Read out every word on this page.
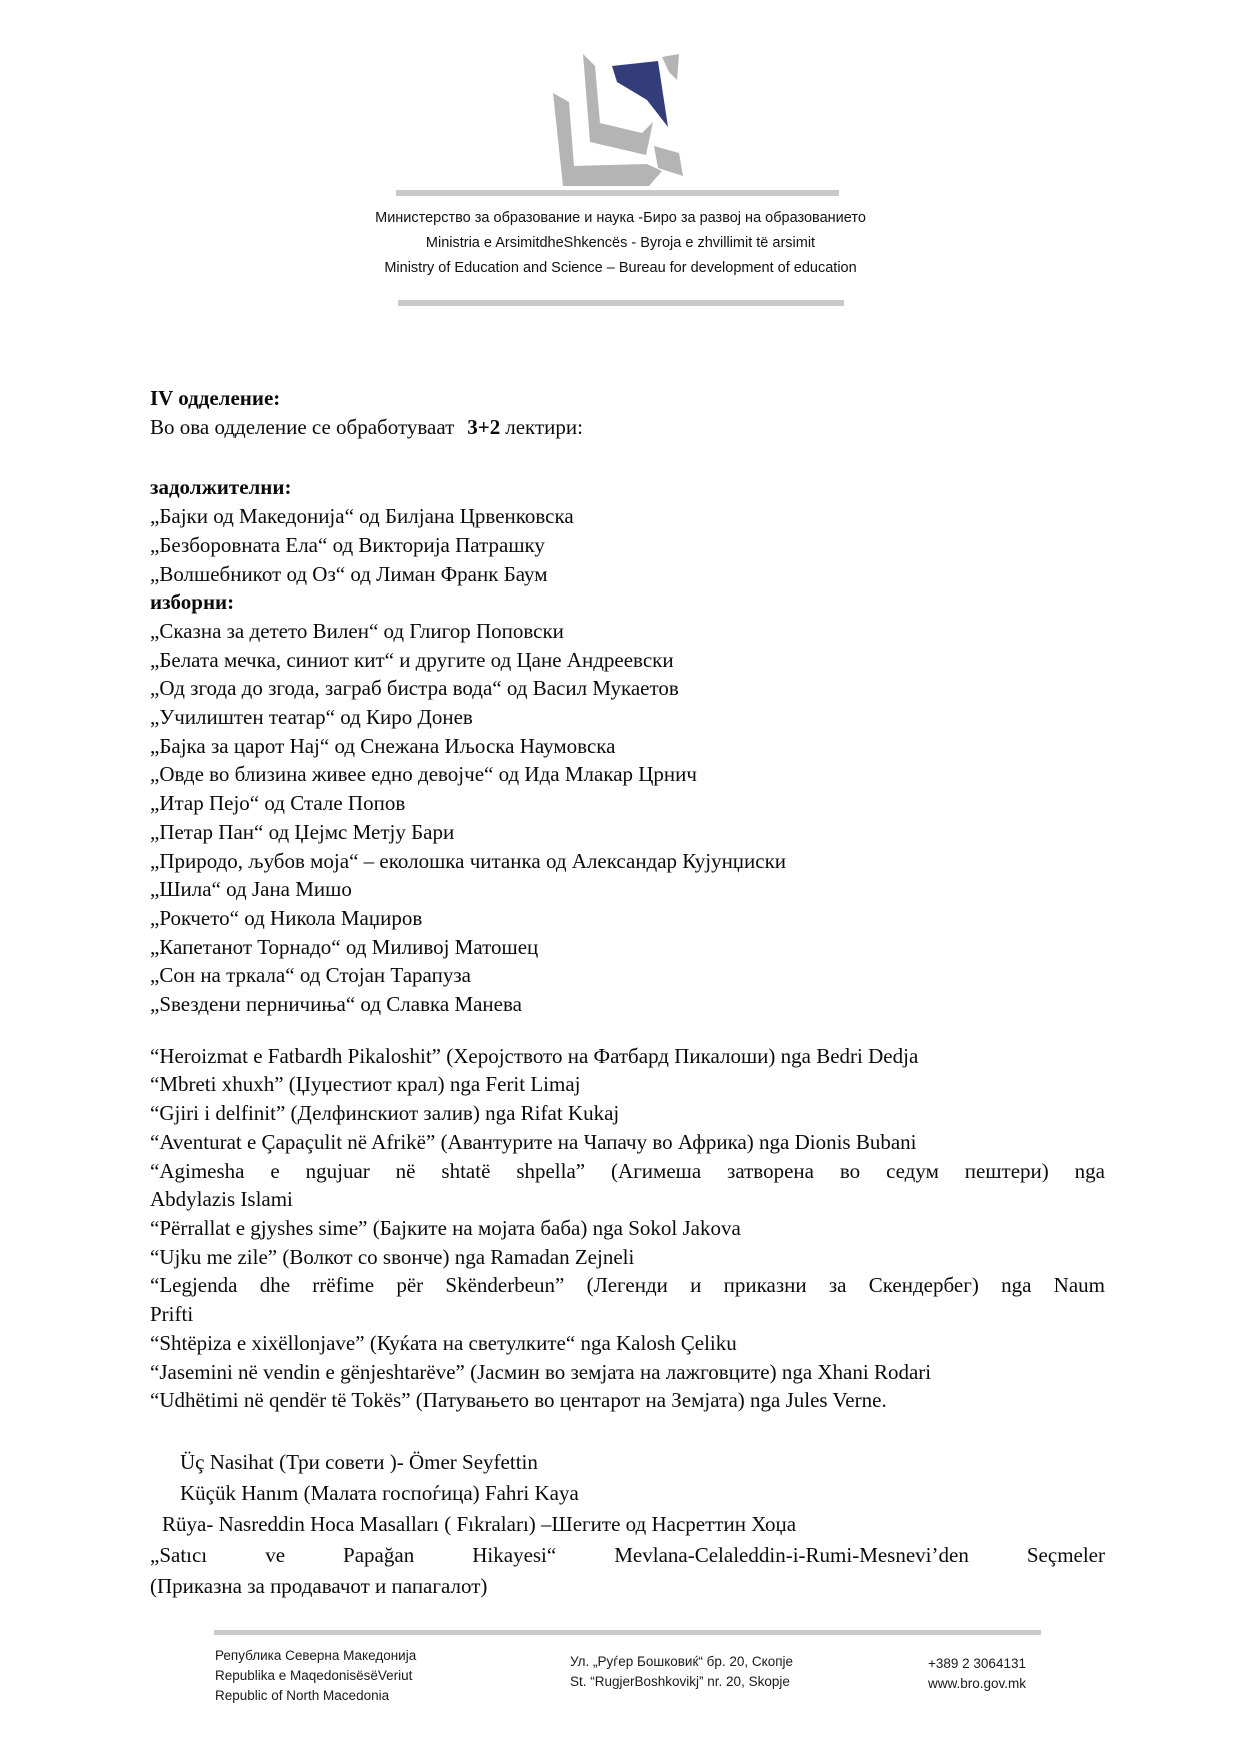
Министерство за образование и наука -Биро за развој на образованието
Ministria e ArsimitdheShkencës - Byroja e zhvillimit të arsimit
Ministry of Education and Science – Bureau for development of education
IV одделение:
Во ова одделение се обработуваат 3+2 лектири:
задолжителни:
„Бајки од Македонија“ од Билјана Црвенковска
„Безборовната Ела“ од Викторија Патрашку
„Волшебникот од Оз“ од Лиман Франк Баум
изборни:
„Сказна за детето Вилен“ од Глигор Поповски
„Белата мечка, синиот кит“ и другите од Цане Андреевски
„Од згода до згода, заграб бистра вода“ од Васил Мукаетов
„Училиштен театар“ од Киро Донев
„Бајка за царот Нај“ од Снежана Иљоска Наумовска
„Овде во близина живее едно девојче“ од Ида Млакар Црнич
„Итар Пејо“ од Стале Попов
„Петар Пан“ од Џејмс Метју Бари
„Природо, љубов моја“ – еколошка читанка од Александар Кујунџиски
„Шила“ од Јана Мишо
„Рокчето“ од Никола Маџиров
„Капетанот Торнадо“ од Миливој Матошец
„Сон на тркала“ од Стојан Тарапуза
„Ѕвездени перничиња“ од Славка Манева
“Heroizmat e Fatbardh Pikaloshit” (Херојството на Фатбард Пикалоши) nga Bedri Dedja
“Mbreti xhuxh” (Џуџестиот крал) nga Ferit Limaj
“Gjiri i delfinit” (Делфинскиот залив) nga Rifat Kukaj
“Aventurat e Çapaçulit në Afrikë” (Авантурите на Чапачу во Африка) nga Dionis Bubani
“Agimesha e ngujuar në shtatë shpella” (Агимеша затворена во седум пештери) nga
Abdylazis Islami
“Përrallat e gjyshes sime” (Бајките на мојата баба) nga Sokol Jakova
“Ujku me zile” (Волкот со ѕвонче) nga Ramadan Zejneli
“Legjenda dhe rrëfime për Skënderbeun” (Легенди и приказни за Скендербег) nga Naum
Prifti
“Shtëpiza e xixëllonjave” (Куќата на светулките“ nga Kalosh Çeliku
“Jasemini në vendin e gënjeshtarëve” (Јасмин во земјата на лажговците) nga Xhani Rodari
“Udhëtimi në qendër të Tokës” (Патувањето во центарот на Земјата) nga Jules Verne.
Üç Nasihat (Три совети )- Ömer Seyfettin
Küçük Hanım (Малата госпоѓица) Fahri Kaya
Rüya- Nasreddin Hoca Masalları ( Fıkraları) –Шегите од Насреттин Хоџа
„Satıcı ve Papağan Hikayesi“ Mevlana-Celaleddin-i-Rumi-Mesnevi’den Seçmeler
(Приказна за продавачот и папагалот)
Република Северна Македонија
Republika e MaqedonisësëVeriut
Republic of North Macedonia
Ул. „Руѓер Бошковиќ“ бр. 20, Скопје
St. “RugjerBoshkovikj” nr. 20, Skopje
+389 2 3064131
www.bro.gov.mk
